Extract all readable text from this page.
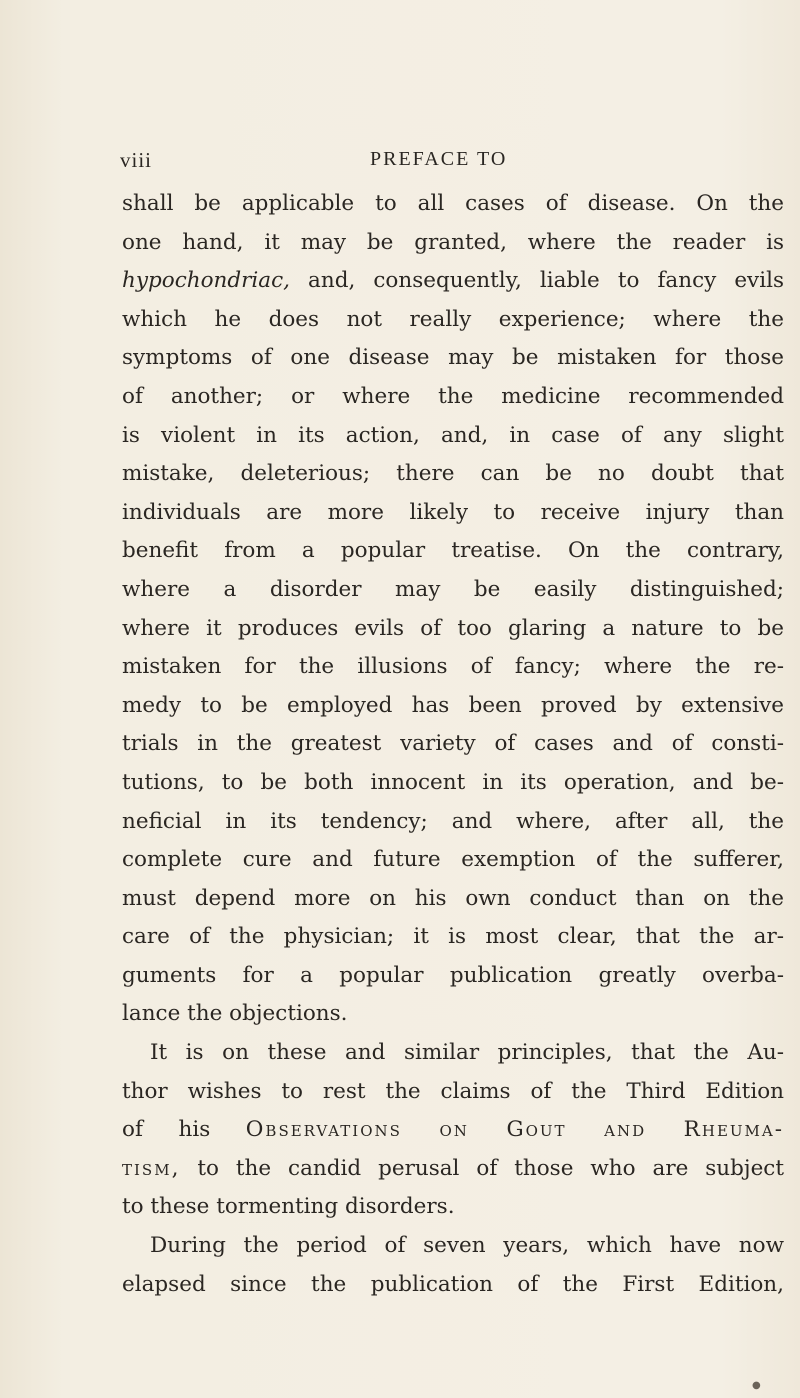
viii	PREFACE TO
shall be applicable to all cases of disease. On the
one hand, it may be granted, where the reader is
hypochondriac, and, consequently, liable to fancy evils
which he does not really experience; where the
symptoms of one disease may be mistaken for those
of another; or where the medicine recommended
is violent in its action, and, in case of any slight
mistake, deleterious; there can be no doubt that
individuals are more likely to receive injury than
benefit from a popular treatise. On the contrary,
where a disorder may be easily distinguished;
where it produces evils of too glaring a nature to be
mistaken for the illusions of fancy; where the re-
medy to be employed has been proved by extensive
trials in the greatest variety of cases and of consti-
tutions, to be both innocent in its operation, and be-
neficial in its tendency; and where, after all, the
complete cure and future exemption of the sufferer,
must depend more on his own conduct than on the
care of the physician; it is most clear, that the ar-
guments for a popular publication greatly overba-
lance the objections.
It is on these and similar principles, that the Au-
thor wishes to rest the claims of the Third Edition
of his Observations on Gout and Rheuma-
tism, to the candid perusal of those who are subject
to these tormenting disorders.
During the period of seven years, which have now
elapsed since the publication of the First Edition,
●
